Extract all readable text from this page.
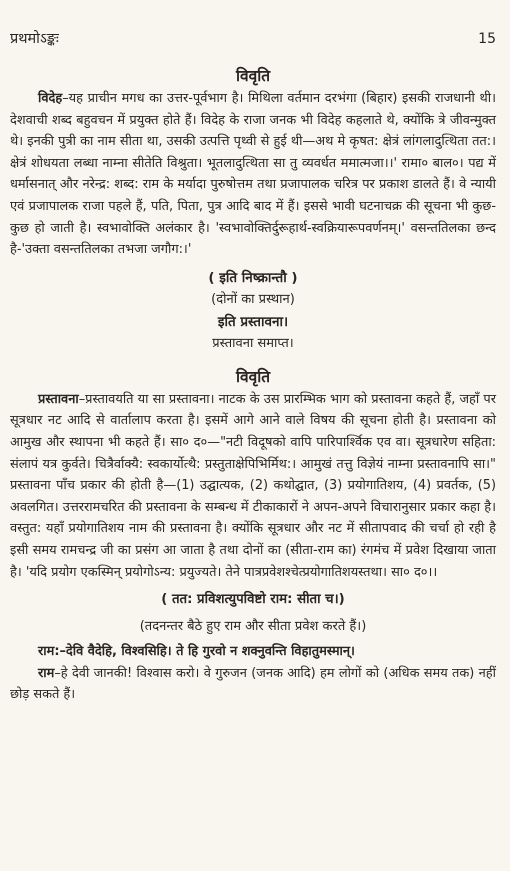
प्रथमोऽङ्कः	15
विवृति

विदेह–यह प्राचीन मगध का उत्तर-पूर्वभाग है। मिथिला वर्तमान दरभंगा (बिहार) इसकी राजधानी थी। देशवाची शब्द बहुवचन में प्रयुक्त होते हैं। विदेह के राजा जनक भी विदेह कहलाते थे, क्योंकि त्रे जीवन्मुक्त थे। इनकी पुत्री का नाम सीता था, उसकी उत्पत्ति पृथ्वी से हुई थी—अथ मे कृषत: क्षेत्रं लांगलादुत्थिता तत:। क्षेत्रं शोधयता लब्धा नाम्ना सीतेति विश्रुता। भूतलादुत्थिता सा तु व्यवर्धत ममात्मजा।।' रामा० बाल०। पद्य में धर्मासनात् और नरेन्द्र: शब्द: राम के मर्यादा पुरुषोत्तम तथा प्रजापालक चरित्र पर प्रकाश डालते हैं। वे न्यायी एवं प्रजापालक राजा पहले हैं, पति, पिता, पुत्र आदि बाद में हैं। इससे भावी घटनाचक्र की सूचना भी कुछ-कुछ हो जाती है। स्वभावोक्ति अलंकार है। 'स्वभावोक्तिर्दुरूहार्थ-स्वक्रियारूपवर्णनम्।' वसन्ततिलका छन्द है-'उक्ता वसन्ततिलका तभजा जगौग:।'

( इति निष्क्रान्तौ )
(दोनों का प्रस्थान)
इति प्रस्तावना।
प्रस्तावना समाप्त।
विवृति

प्रस्तावना–प्रस्तावयति या सा प्रस्तावना। नाटक के उस प्रारम्भिक भाग को प्रस्तावना कहते हैं, जहाँ पर सूत्रधार नट आदि से वार्तालाप करता है। इसमें आगे आने वाले विषय की सूचना होती है। प्रस्तावना को आमुख और स्थापना भी कहते हैं। सा० द०—"नटी विदूषको वापि पारिपार्श्विक एव वा। सूत्रधारेण सहिता: संलापं यत्र कुर्वते। चित्रैर्वाक्यै: स्वकार्योत्थै: प्रस्तुताक्षेपिभिर्मिथ:। आमुखं तत्तु विज्ञेयं नाम्ना प्रस्तावनापि सा।" प्रस्तावना पाँच प्रकार की होती है—(1) उद्घात्यक, (2) कथोद्घात, (3) प्रयोगातिशय, (4) प्रवर्तक, (5) अवलगित। उत्तररामचरित की प्रस्तावना के सम्बन्ध में टीकाकारों ने अपन-अपने विचारानुसार प्रकार कहा है। वस्तुत: यहाँ प्रयोगातिशय नाम की प्रस्तावना है। क्योंकि सूत्रधार और नट में सीतापवाद की चर्चा हो रही है इसी समय रामचन्द्र जी का प्रसंग आ जाता है तथा दोनों का (सीता-राम का) रंगमंच में प्रवेश दिखाया जाता है। 'यदि प्रयोग एकस्मिन् प्रयोगोऽन्य: प्रयुज्यते। तेने पात्रप्रवेशश्चेत्प्रयोगातिशयस्तथा। सा० द०।।

( तत: प्रविशत्युपविष्टो राम: सीता च।)
(तदनन्तर बैठे हुए राम और सीता प्रवेश करते हैं।)

राम:–देवि वैदेहि, विश्वसिहि। ते हि गुरवो न शक्नुवन्ति विहातुमस्मान्।

राम–हे देवी जानकी! विश्वास करो। वे गुरुजन (जनक आदि) हम लोगों को (अधिक समय तक) नहीं छोड़ सकते हैं।
